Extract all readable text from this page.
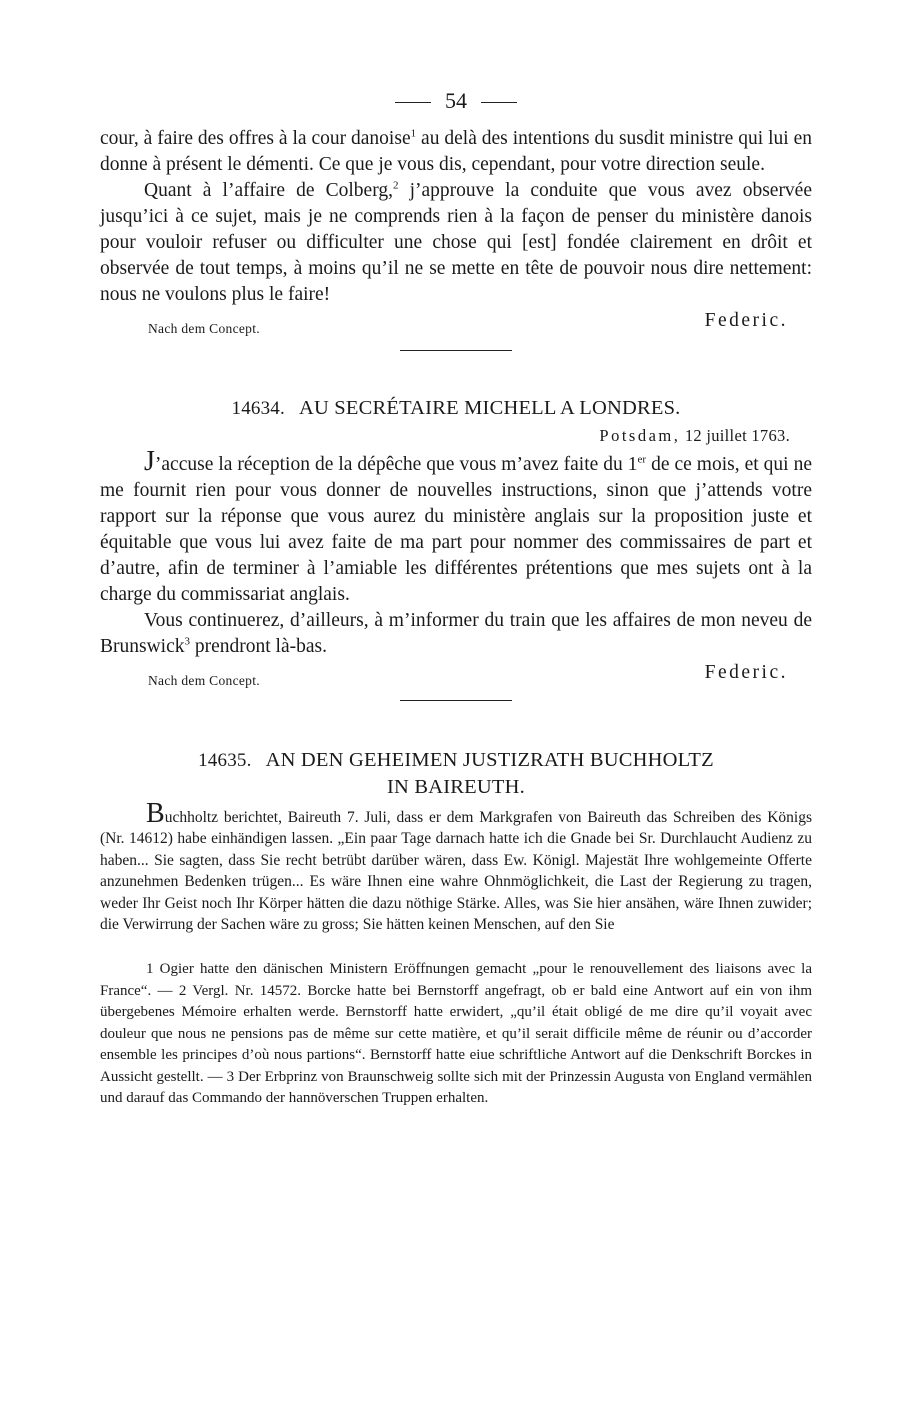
54

cour, à faire des offres à la cour danoise$^1$ au delà des intentions du susdit ministre qui lui en donne à présent le démenti. Ce que je vous dis, cependant, pour votre direction seule.

Quant à l’affaire de Colberg,$^2$ j’approuve la conduite que vous avez observée jusqu’ici à ce sujet, mais je ne comprends rien à la façon de penser du ministère danois pour vouloir refuser ou difficulter une chose qui [est] fondée clairement en drôit et observée de tout temps, à moins qu’il ne se mette en tête de pouvoir nous dire nettement: nous ne voulons plus le faire!

Nach dem Concept.	Federic.
14634. AU SECRÉTAIRE MICHELL A LONDRES.
Potsdam, 12 juillet 1763.

J’accuse la réception de la dépêche que vous m’avez faite du 1er de ce mois, et qui ne me fournit rien pour vous donner de nouvelles instructions, sinon que j’attends votre rapport sur la réponse que vous aurez du ministère anglais sur la proposition juste et équitable que vous lui avez faite de ma part pour nommer des commissaires de part et d’autre, afin de terminer à l’amiable les différentes prétentions que mes sujets ont à la charge du commissariat anglais.

Vous continuerez, d’ailleurs, à m’informer du train que les affaires de mon neveu de Brunswick$^3$ prendront là-bas.

Nach dem Concept.	Federic.
14635. AN DEN GEHEIMEN JUSTIZRATH BUCHHOLTZ
IN BAIREUTH.

Buchholtz berichtet, Baireuth 7. Juli, dass er dem Markgrafen von Baireuth das Schreiben des Königs (Nr. 14612) habe einhändigen lassen. „Ein paar Tage darnach hatte ich die Gnade bei Sr. Durchlaucht Audienz zu haben... Sie sagten, dass Sie recht betrübt darüber wären, dass Ew. Königl. Majestät Ihre wohlgemeinte Offerte anzunehmen Bedenken trügen... Es wäre Ihnen eine wahre Ohnmöglichkeit, die Last der Regierung zu tragen, weder Ihr Geist noch Ihr Körper hätten die dazu nöthige Stärke. Alles, was Sie hier ansähen, wäre Ihnen zuwider; die Verwirrung der Sachen wäre zu gross; Sie hätten keinen Menschen, auf den Sie

1 Ogier hatte den dänischen Ministern Eröffnungen gemacht „pour le renouvellement des liaisons avec la France“. — 2 Vergl. Nr. 14572. Borcke hatte bei Bernstorff angefragt, ob er bald eine Antwort auf ein von ihm übergebenes Mémoire erhalten werde. Bernstorff hatte erwidert, „qu’il était obligé de me dire qu’il voyait avec douleur que nous ne pensions pas de même sur cette matière, et qu’il serait difficile même de réunir ou d’accorder ensemble les principes d’où nous partions“. Bernstorff hatte eiue schriftliche Antwort auf die Denkschrift Borckes in Aussicht gestellt. — 3 Der Erbprinz von Braunschweig sollte sich mit der Prinzessin Augusta von England vermählen und darauf das Commando der hannöverschen Truppen erhalten.
